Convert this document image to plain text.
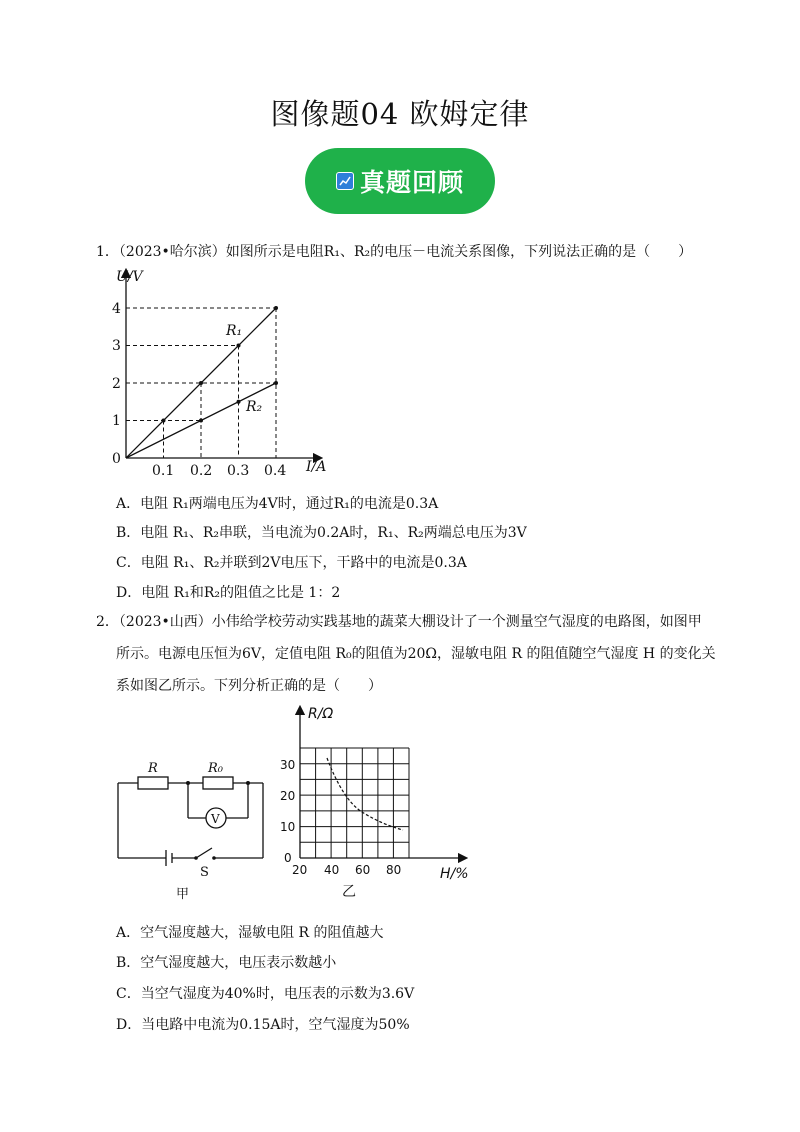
图像题04 欧姆定律
真题回顾
1．（2023•哈尔滨）如图所示是电阻R₁、R₂的电压－电流关系图像，下列说法正确的是（　　）
U/V
I/A
0
1
2
3
4
0.1 0.2 0.3 0.4
R₁
R₂
A．电阻 R₁两端电压为4V时，通过R₁的电流是0.3A
B．电阻 R₁、R₂串联，当电流为0.2A时，R₁、R₂两端总电压为3V
C．电阻 R₁、R₂并联到2V电压下，干路中的电流是0.3A
D．电阻 R₁和R₂的阻值之比是 1：2
2．（2023•山西）小伟给学校劳动实践基地的蔬菜大棚设计了一个测量空气湿度的电路图，如图甲
所示。电源电压恒为6V，定值电阻 R₀的阻值为20Ω，湿敏电阻 R 的阻值随空气湿度 H 的变化关
系如图乙所示。下列分析正确的是（　　）
R	R₀
V
S
甲
R/Ω
H/%
0
10
20
30
20 40 60 80
乙
A．空气湿度越大，湿敏电阻 R 的阻值越大
B．空气湿度越大，电压表示数越小
C．当空气湿度为40%时，电压表的示数为3.6V
D．当电路中电流为0.15A时，空气湿度为50%
